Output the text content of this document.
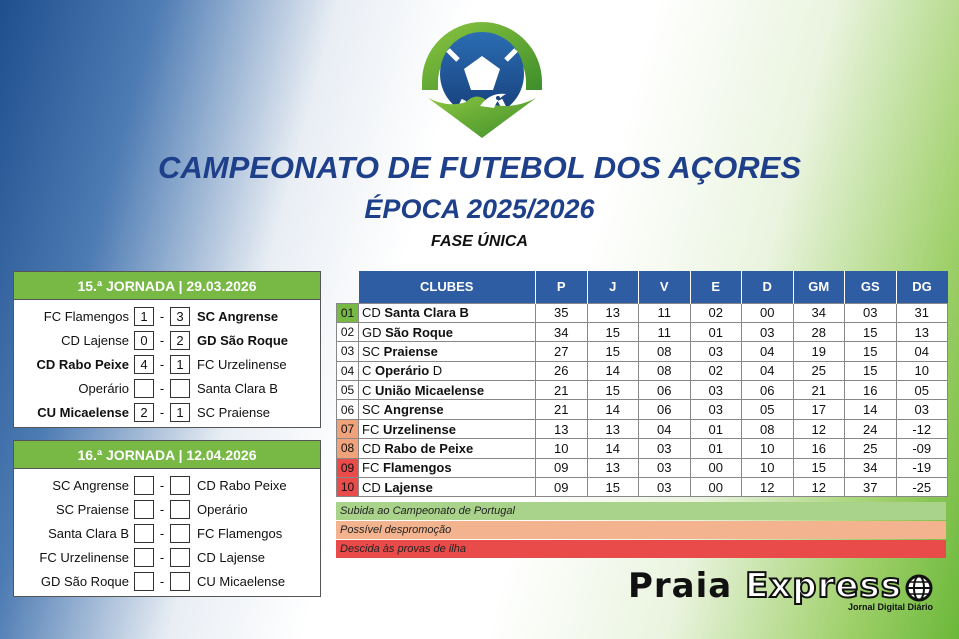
CAMPEONATO DE FUTEBOL DOS AÇORES
ÉPOCA 2025/2026
FASE ÚNICA
15.ª JORNADA | 29.03.2026
FC Flamengos 1 - 3	SC Angrense
CD Lajense 0 - 2	GD São Roque
CD Rabo Peixe 4 - 1	FC Urzelinense
Operário	-	Santa Clara B
CU Micaelense 2 - 1	SC Praiense
16.ª JORNADA | 12.04.2026
SC Angrense	-	CD Rabo Peixe
SC Praiense	-	Operário
Santa Clara B	-	FC Flamengos
FC Urzelinense	-	CD Lajense
GD São Roque	-	CU Micaelense
	CLUBES	P	J	V	E	D	GM	GS	DG
01	CD Santa Clara B	35	13	11	02	00	34	03	31
02	GD São Roque	34	15	11	01	03	28	15	13
03	SC Praiense	27	15	08	03	04	19	15	04
04	C Operário D	26	14	08	02	04	25	15	10
05	C União Micaelense	21	15	06	03	06	21	16	05
06	SC Angrense	21	14	06	03	05	17	14	03
07	FC Urzelinense	13	13	04	01	08	12	24	-12
08	CD Rabo de Peixe	10	14	03	01	10	16	25	-09
09	FC Flamengos	09	13	03	00	10	15	34	-19
10	CD Lajense	09	15	03	00	12	12	37	-25
Subida ao Campeonato de Portugal
Possível despromoção
Descida às provas de ilha
Praia Express
Jornal Digital Diário
